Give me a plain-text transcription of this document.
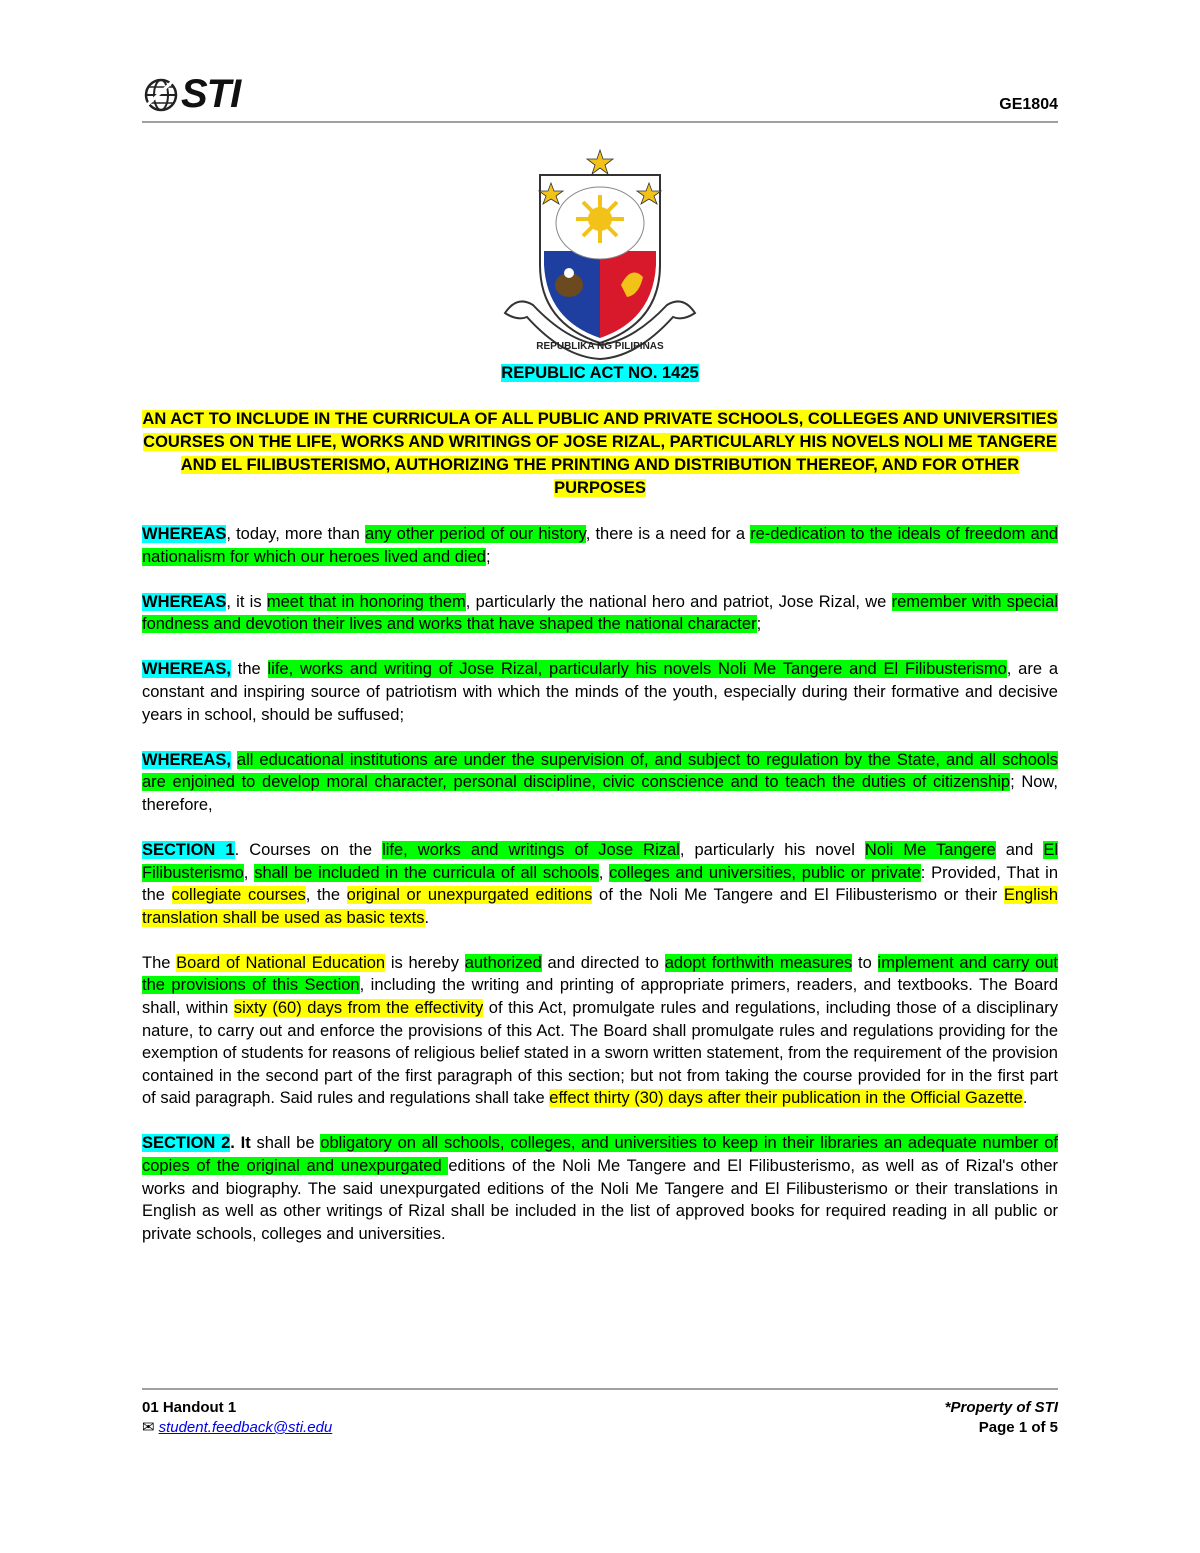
STI	GE1804
REPUBLIKA NG PILIPINAS
REPUBLIC ACT NO. 1425
AN ACT TO INCLUDE IN THE CURRICULA OF ALL PUBLIC AND PRIVATE SCHOOLS, COLLEGES AND UNIVERSITIES COURSES ON THE LIFE, WORKS AND WRITINGS OF JOSE RIZAL, PARTICULARLY HIS NOVELS NOLI ME TANGERE AND EL FILIBUSTERISMO, AUTHORIZING THE PRINTING AND DISTRIBUTION THEREOF, AND FOR OTHER PURPOSES

WHEREAS, today, more than any other period of our history, there is a need for a re-dedication to the ideals of freedom and nationalism for which our heroes lived and died;

WHEREAS, it is meet that in honoring them, particularly the national hero and patriot, Jose Rizal, we remember with special fondness and devotion their lives and works that have shaped the national character;

WHEREAS, the life, works and writing of Jose Rizal, particularly his novels Noli Me Tangere and El Filibusterismo, are a constant and inspiring source of patriotism with which the minds of the youth, especially during their formative and decisive years in school, should be suffused;

WHEREAS, all educational institutions are under the supervision of, and subject to regulation by the State, and all schools are enjoined to develop moral character, personal discipline, civic conscience and to teach the duties of citizenship; Now, therefore,

SECTION 1. Courses on the life, works and writings of Jose Rizal, particularly his novel Noli Me Tangere and El Filibusterismo, shall be included in the curricula of all schools, colleges and universities, public or private: Provided, That in the collegiate courses, the original or unexpurgated editions of the Noli Me Tangere and El Filibusterismo or their English translation shall be used as basic texts.

The Board of National Education is hereby authorized and directed to adopt forthwith measures to implement and carry out the provisions of this Section, including the writing and printing of appropriate primers, readers, and textbooks. The Board shall, within sixty (60) days from the effectivity of this Act, promulgate rules and regulations, including those of a disciplinary nature, to carry out and enforce the provisions of this Act. The Board shall promulgate rules and regulations providing for the exemption of students for reasons of religious belief stated in a sworn written statement, from the requirement of the provision contained in the second part of the first paragraph of this section; but not from taking the course provided for in the first part of said paragraph. Said rules and regulations shall take effect thirty (30) days after their publication in the Official Gazette.

SECTION 2. It shall be obligatory on all schools, colleges, and universities to keep in their libraries an adequate number of copies of the original and unexpurgated editions of the Noli Me Tangere and El Filibusterismo, as well as of Rizal's other works and biography. The said unexpurgated editions of the Noli Me Tangere and El Filibusterismo or their translations in English as well as other writings of Rizal shall be included in the list of approved books for required reading in all public or private schools, colleges and universities.

01 Handout 1
✉ student.feedback@sti.edu
*Property of STI
Page 1 of 5
